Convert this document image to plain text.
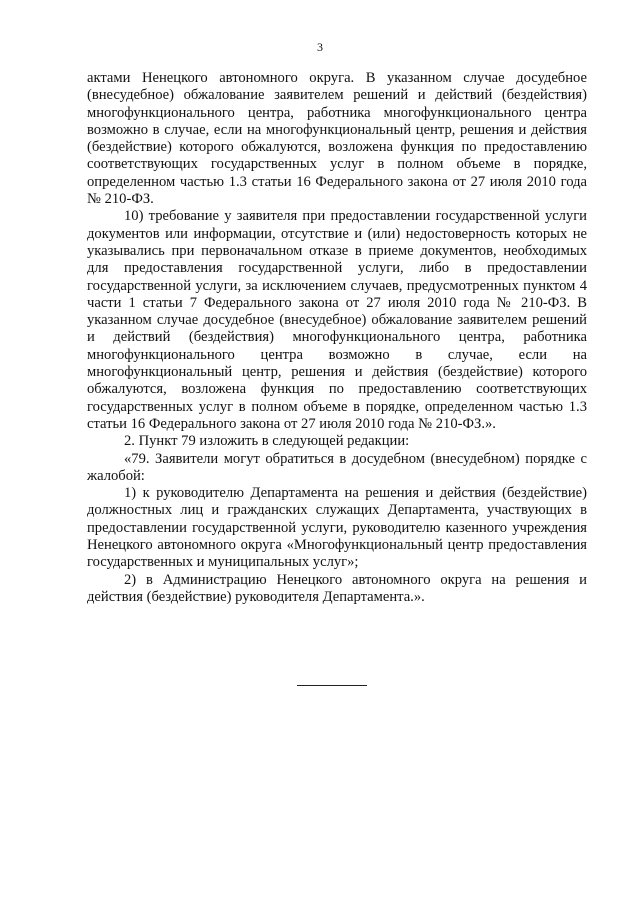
3

актами Ненецкого автономного округа. В указанном случае досудебное (внесудебное) обжалование заявителем решений и действий (бездействия) многофункционального центра, работника многофункционального центра возможно в случае, если на многофункциональный центр, решения и действия (бездействие) которого обжалуются, возложена функция по предоставлению соответствующих государственных услуг в полном объеме в порядке, определенном частью 1.3 статьи 16 Федерального закона от 27 июля 2010 года № 210-ФЗ.

10) требование у заявителя при предоставлении государственной услуги документов или информации, отсутствие и (или) недостоверность которых не указывались при первоначальном отказе в приеме документов, необходимых для предоставления государственной услуги, либо в предоставлении государственной услуги, за исключением случаев, предусмотренных пунктом 4 части 1 статьи 7 Федерального закона от 27 июля 2010 года № 210-ФЗ. В указанном случае досудебное (внесудебное) обжалование заявителем решений и действий (бездействия) многофункционального центра, работника многофункционального центра возможно в случае, если на многофункциональный центр, решения и действия (бездействие) которого обжалуются, возложена функция по предоставлению соответствующих государственных услуг в полном объеме в порядке, определенном частью 1.3 статьи 16 Федерального закона от 27 июля 2010 года № 210-ФЗ.».

2. Пункт 79 изложить в следующей редакции:

«79. Заявители могут обратиться в досудебном (внесудебном) порядке с жалобой:

1) к руководителю Департамента на решения и действия (бездействие) должностных лиц и гражданских служащих Департамента, участвующих в предоставлении государственной услуги, руководителю казенного учреждения Ненецкого автономного округа «Многофункциональный центр предоставления государственных и муниципальных услуг»;

2) в Администрацию Ненецкого автономного округа на решения и действия (бездействие) руководителя Департамента.».
